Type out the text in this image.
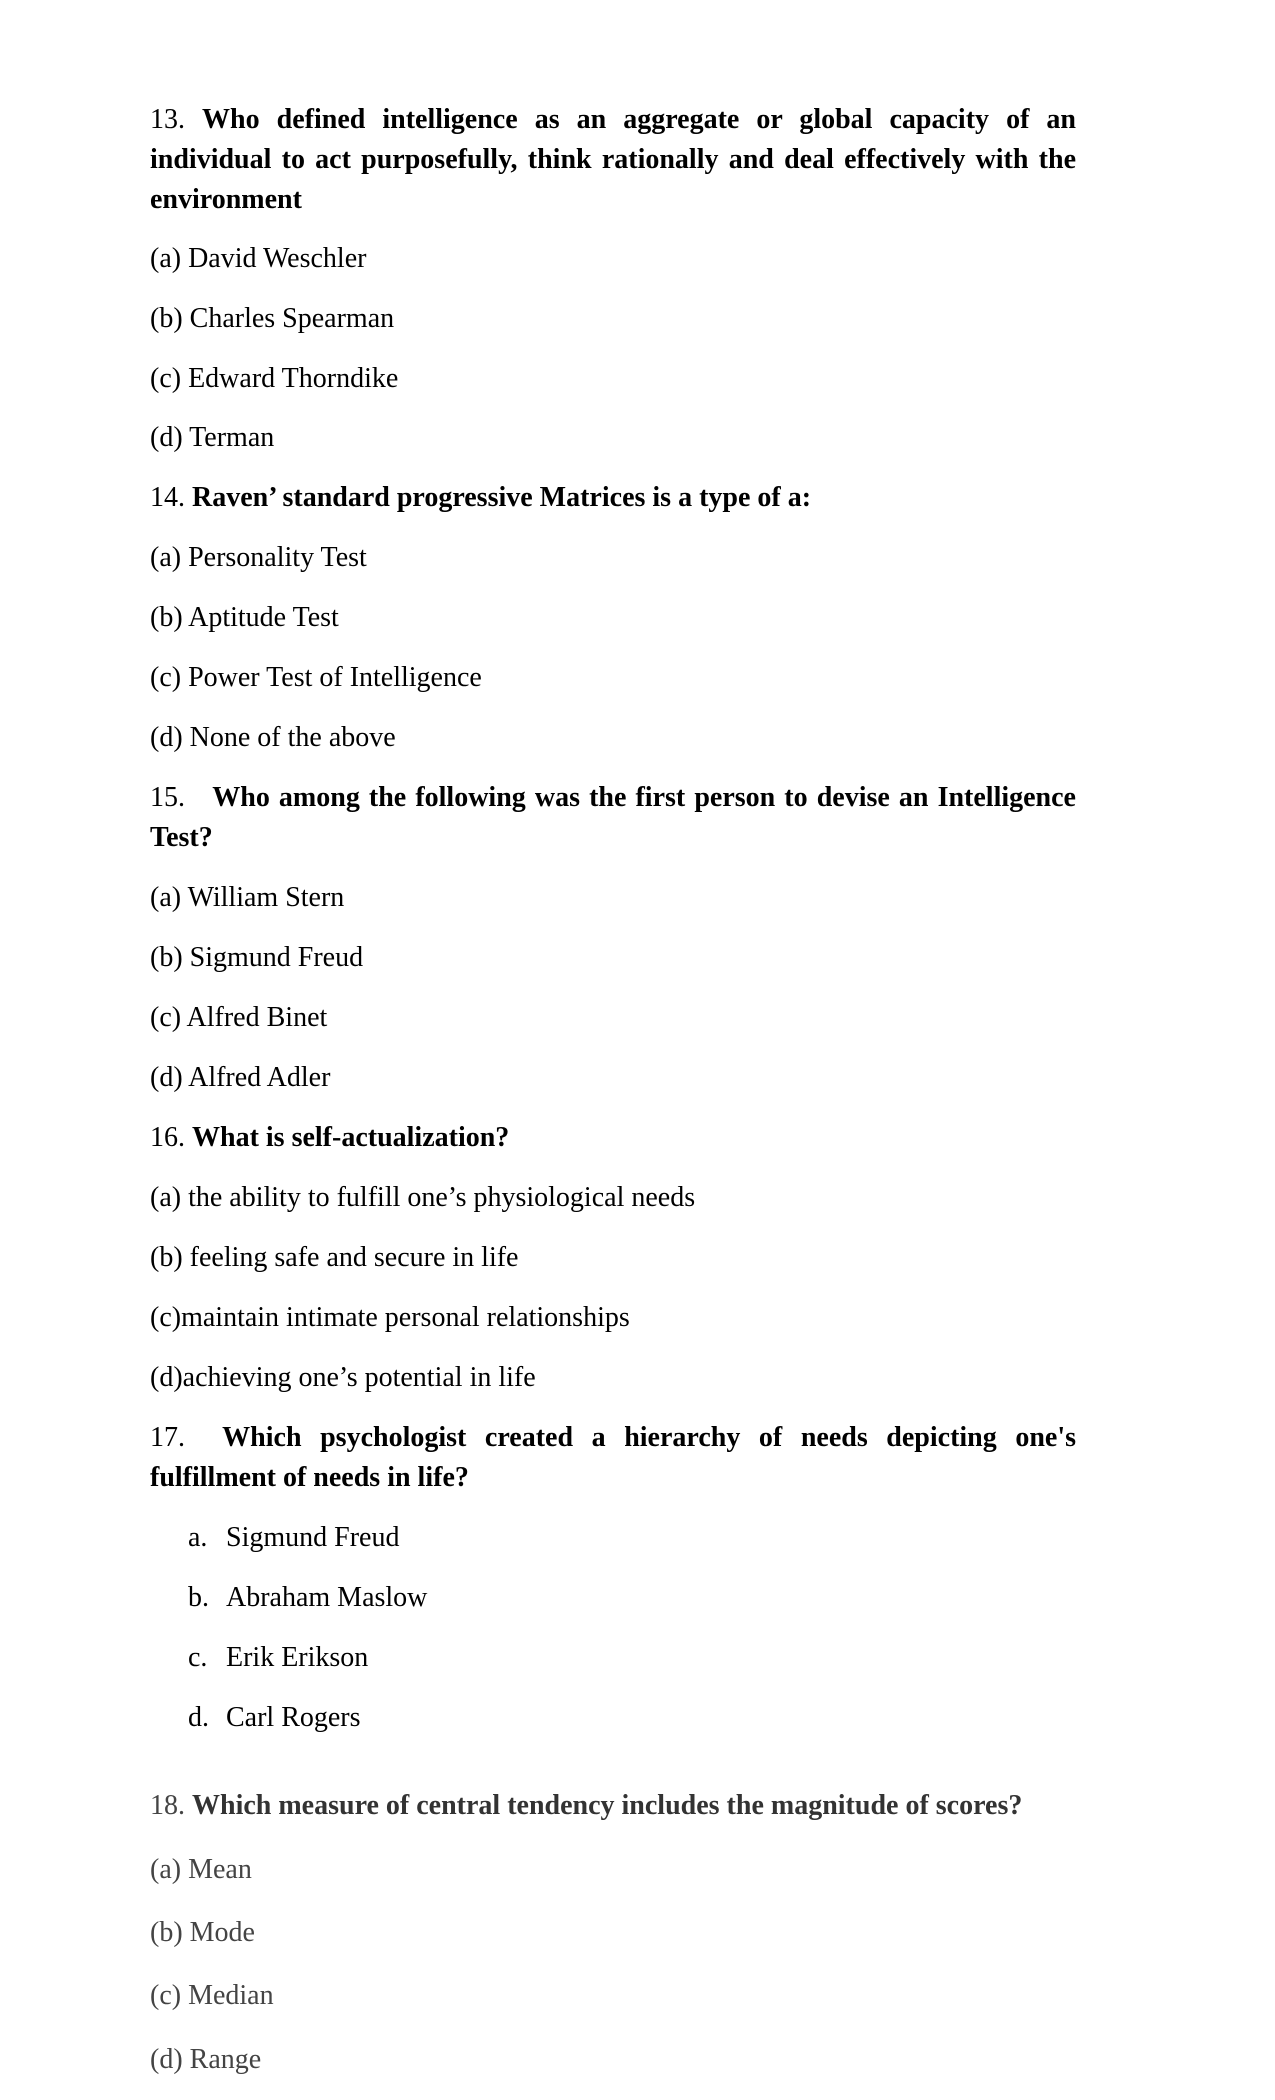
13. Who defined intelligence as an aggregate or global capacity of an individual to act purposefully, think rationally and deal effectively with the environment

(a) David Weschler

(b) Charles Spearman

(c) Edward Thorndike

(d) Terman

14. Raven’ standard progressive Matrices is a type of a:

(a) Personality Test

(b) Aptitude Test

(c) Power Test of Intelligence

(d) None of the above

15. Who among the following was the first person to devise an Intelligence Test?

(a) William Stern

(b) Sigmund Freud

(c) Alfred Binet

(d) Alfred Adler

16. What is self-actualization?

(a) the ability to fulfill one’s physiological needs

(b) feeling safe and secure in life

(c)maintain intimate personal relationships

(d)achieving one’s potential in life

17. Which psychologist created a hierarchy of needs depicting one's fulfillment of needs in life?

a. Sigmund Freud
b. Abraham Maslow
c. Erik Erikson
d. Carl Rogers

18. Which measure of central tendency includes the magnitude of scores?

(a) Mean

(b) Mode

(c) Median

(d) Range
